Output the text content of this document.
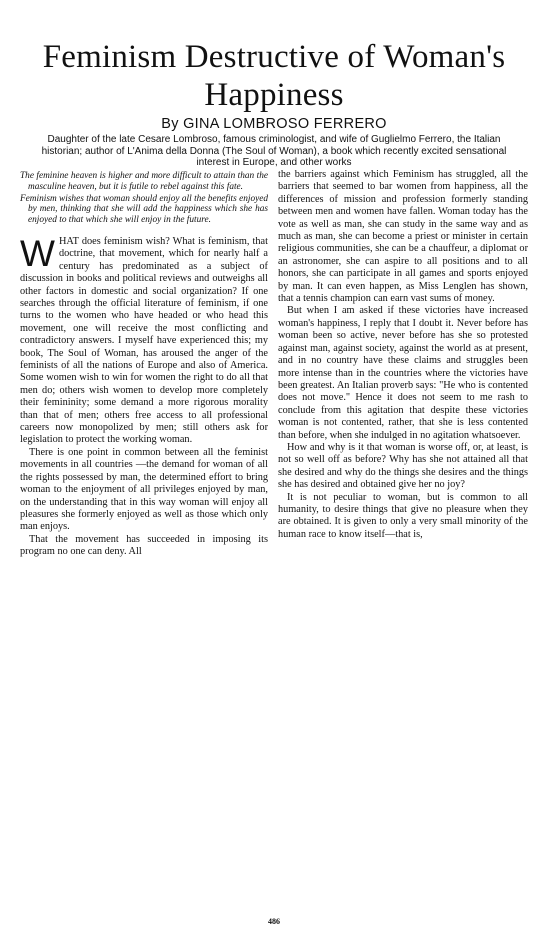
Feminism Destructive of Woman's Happiness
By GINA LOMBROSO FERRERO
Daughter of the late Cesare Lombroso, famous criminologist, and wife of Guglielmo Ferrero, the Italian historian; author of L'Anima della Donna (The Soul of Woman), a book which recently excited sensational interest in Europe, and other works

The feminine heaven is higher and more difficult to attain than the masculine heaven, but it is futile to rebel against this fate.

Feminism wishes that woman should enjoy all the benefits enjoyed by men, thinking that she will add the happiness which she has enjoyed to that which she will enjoy in the future.

WHAT does feminism wish? What is feminism, that doctrine, that movement, which for nearly half a century has predominated as a subject of discussion in books and political reviews and outweighs all other factors in domestic and social organization? If one searches through the official literature of feminism, if one turns to the women who have headed or who head this movement, one will receive the most conflicting and contradictory answers. I myself have experienced this; my book, The Soul of Woman, has aroused the anger of the feminists of all the nations of Europe and also of America. Some women wish to win for women the right to do all that men do; others wish women to develop more completely their femininity; some demand a more rigorous morality than that of men; others free access to all professional careers now monopolized by men; still others ask for legislation to protect the working woman.

There is one point in common between all the feminist movements in all countries —the demand for woman of all the rights possessed by man, the determined effort to bring woman to the enjoyment of all privileges enjoyed by man, on the understanding that in this way woman will enjoy all pleasures she formerly enjoyed as well as those which only man enjoys.

That the movement has succeeded in imposing its program no one can deny. All

the barriers against which Feminism has struggled, all the barriers that seemed to bar women from happiness, all the differences of mission and profession formerly standing between men and women have fallen. Woman today has the vote as well as man, she can study in the same way and as much as man, she can become a priest or minister in certain religious communities, she can be a chauffeur, a diplomat or an astronomer, she can aspire to all positions and to all honors, she can participate in all games and sports enjoyed by man. It can even happen, as Miss Lenglen has shown, that a tennis champion can earn vast sums of money.

But when I am asked if these victories have increased woman's happiness, I reply that I doubt it. Never before has woman been so active, never before has she so protested against man, against society, against the world as at present, and in no country have these claims and struggles been more intense than in the countries where the victories have been greatest. An Italian proverb says: "He who is contented does not move." Hence it does not seem to me rash to conclude from this agitation that despite these victories woman is not contented, rather, that she is less contented than before, when she indulged in no agitation whatsoever.

How and why is it that woman is worse off, or, at least, is not so well off as before? Why has she not attained all that she desired and why do the things she desires and the things she has desired and obtained give her no joy?

It is not peculiar to woman, but is common to all humanity, to desire things that give no pleasure when they are obtained. It is given to only a very small minority of the human race to know itself—that is,

486
